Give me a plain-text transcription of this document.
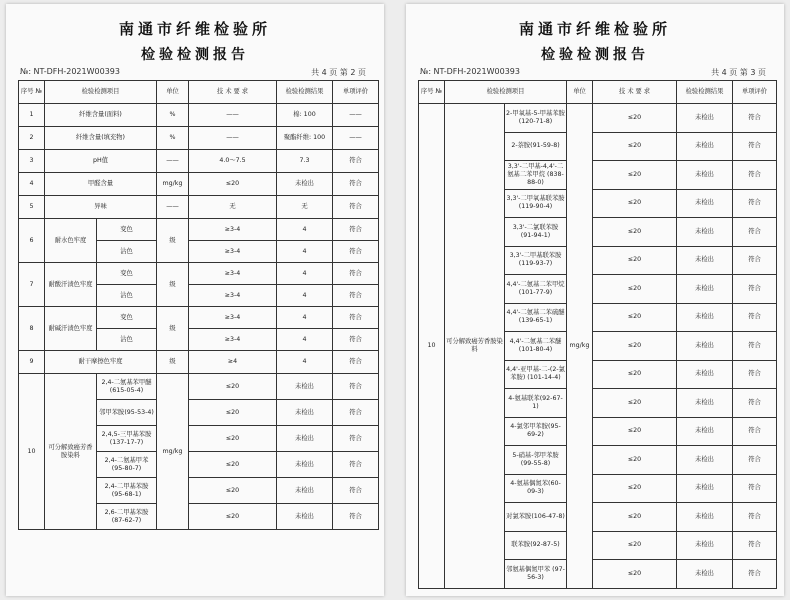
南通市纤维检验所
检验检测报告
№: NT-DFH-2021W00393	共 4 页 第 2 页
序号 №	检验检测项目		单位	技 术 要 求	检验检测结果	单项评价
1	纤维含量(面料)		%	——	棉: 100	——
2	纤维含量(填充物)		%	——	聚酯纤维: 100	——
3	pH值		——	4.0～7.5	7.3	符合
4	甲醛含量		mg/kg	≤20	未检出	符合
5	异味		——	无	无	符合
6	耐水色牢度	变色	级	≥3-4	4	符合
		沾色		≥3-4	4	符合
7	耐酸汗渍色牢度	变色	级	≥3-4	4	符合
		沾色		≥3-4	4	符合
8	耐碱汗渍色牢度	变色	级	≥3-4	4	符合
		沾色		≥3-4	4	符合
9	耐干摩擦色牢度		级	≥4	4	符合
10	可分解致癌芳香胺染料	2,4-二氨基苯甲醚 (615-05-4)	mg/kg	≤20	未检出	符合
		邻甲苯胺(95-53-4)		≤20	未检出	符合
		2,4,5-三甲基苯胺 (137-17-7)		≤20	未检出	符合
		2,4-二氨基甲苯 (95-80-7)		≤20	未检出	符合
		2,4-二甲基苯胺 (95-68-1)		≤20	未检出	符合
		2,6-二甲基苯胺 (87-62-7)		≤20	未检出	符合
南通市纤维检验所
检验检测报告
№: NT-DFH-2021W00393	共 4 页 第 3 页
序号 №	检验检测项目		单位	技 术 要 求	检验检测结果	单项评价
10	可分解致癌芳香胺染料	2-甲氧基-5-甲基苯胺(120-71-8)	mg/kg	≤20	未检出	符合
		2-萘胺(91-59-8)		≤20	未检出	符合
		3,3'-二甲基-4,4'-二氨基二苯甲烷 (838-88-0)		≤20	未检出	符合
		3,3'-二甲氧基联苯胺(119-90-4)		≤20	未检出	符合
		3,3'-二氯联苯胺 (91-94-1)		≤20	未检出	符合
		3,3'-二甲基联苯胺 (119-93-7)		≤20	未检出	符合
		4,4'-二氨基二苯甲烷(101-77-9)		≤20	未检出	符合
		4,4'-二氨基二苯硫醚(139-65-1)		≤20	未检出	符合
		4,4'-二氨基二苯醚(101-80-4)		≤20	未检出	符合
		4,4'-亚甲基-二-(2-氯苯胺) (101-14-4)		≤20	未检出	符合
		4-氨基联苯(92-67-1)		≤20	未检出	符合
		4-氯邻甲苯胺(95-69-2)		≤20	未检出	符合
		5-硝基-邻甲苯胺 (99-55-8)		≤20	未检出	符合
		4-氨基偶氮苯(60-09-3)		≤20	未检出	符合
		对氯苯胺(106-47-8)		≤20	未检出	符合
		联苯胺(92-87-5)		≤20	未检出	符合
		邻氨基偶氮甲苯 (97-56-3)		≤20	未检出	符合
